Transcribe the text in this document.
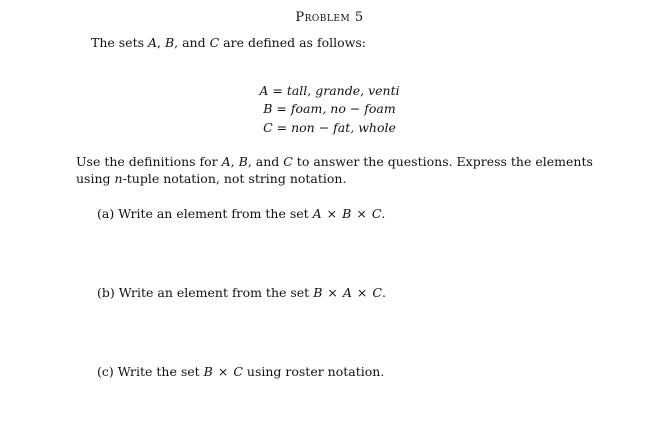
Problem 5
The sets A, B, and C are defined as follows:
A = tall, grande, venti
B = foam, no − foam
C = non − fat, whole
Use the definitions for A, B, and C to answer the questions. Express the elements
using n-tuple notation, not string notation.
(a) Write an element from the set A × B × C.
(b) Write an element from the set B × A × C.
(c) Write the set B × C using roster notation.
